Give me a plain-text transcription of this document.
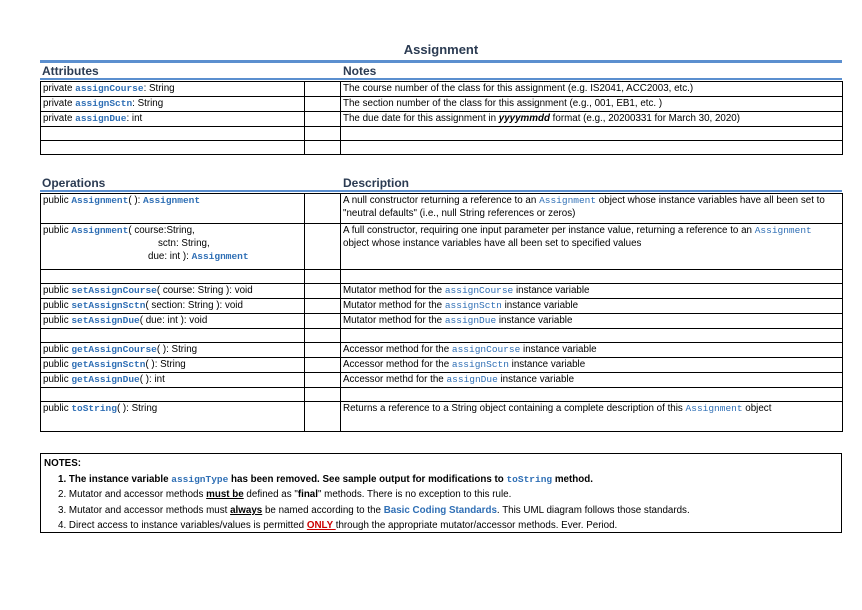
Assignment
Attributes	Notes
private assignCourse: String		The course number of the class for this assignment (e.g. IS2041, ACC2003, etc.)
private assignSctn: String		The section number of the class for this assignment (e.g., 001, EB1, etc. )
private assignDue: int		The due date for this assignment in yyyymmdd format (e.g., 20200331 for March 30, 2020)

Operations	Description
public Assignment( ): Assignment		A null constructor returning a reference to an Assignment object whose instance variables have all been set to "neutral defaults" (i.e., null String references or zeros)
public Assignment( course:String,
sctn: String,
due: int ): Assignment		A full constructor, requiring one input parameter per instance value, returning a reference to an Assignment object whose instance variables have all been set to specified values

public setAssignCourse( course: String ): void		Mutator method for the assignCourse instance variable
public setAssignSctn( section: String ): void		Mutator method for the assignSctn instance variable
public setAssignDue( due: int ): void		Mutator method for the assignDue instance variable

public getAssignCourse( ): String		Accessor method for the assignCourse instance variable
public getAssignSctn( ): String		Accessor method for the assignSctn instance variable
public getAssignDue( ): int		Accessor methd for the assignDue instance variable

public toString( ): String		Returns a reference to a String object containing a complete description of this Assignment object
NOTES:
1. The instance variable assignType has been removed. See sample output for modifications to toString method.
2. Mutator and accessor methods must be defined as "final" methods. There is no exception to this rule.
3. Mutator and accessor methods must always be named according to the Basic Coding Standards. This UML diagram follows those standards.
4. Direct access to instance variables/values is permitted ONLY through the appropriate mutator/accessor methods. Ever. Period.
